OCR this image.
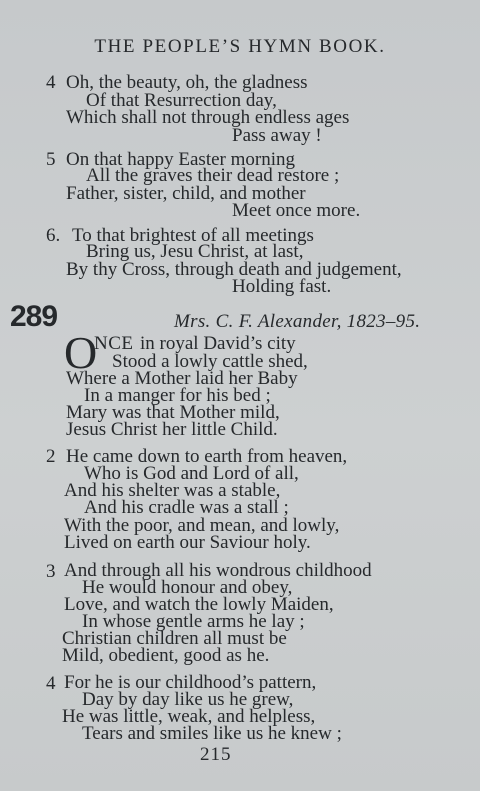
THE PEOPLE’S HYMN BOOK.
4 Oh, the beauty, oh, the gladness
Of that Resurrection day,
Which shall not through endless ages
Pass away !
5 On that happy Easter morning
All the graves their dead restore ;
Father, sister, child, and mother
Meet once more.
6. To that brightest of all meetings
Bring us, Jesu Christ, at last,
By thy Cross, through death and judgement,
Holding fast.
289	Mrs. C. F. Alexander, 1823–95.
O
NCE in royal David’s city
Stood a lowly cattle shed,
Where a Mother laid her Baby
In a manger for his bed ;
Mary was that Mother mild,
Jesus Christ her little Child.
2 He came down to earth from heaven,
Who is God and Lord of all,
And his shelter was a stable,
And his cradle was a stall ;
With the poor, and mean, and lowly,
Lived on earth our Saviour holy.
3 And through all his wondrous childhood
He would honour and obey,
Love, and watch the lowly Maiden,
In whose gentle arms he lay ;
Christian children all must be
Mild, obedient, good as he.
4 For he is our childhood’s pattern,
Day by day like us he grew,
He was little, weak, and helpless,
Tears and smiles like us he knew ;
215
